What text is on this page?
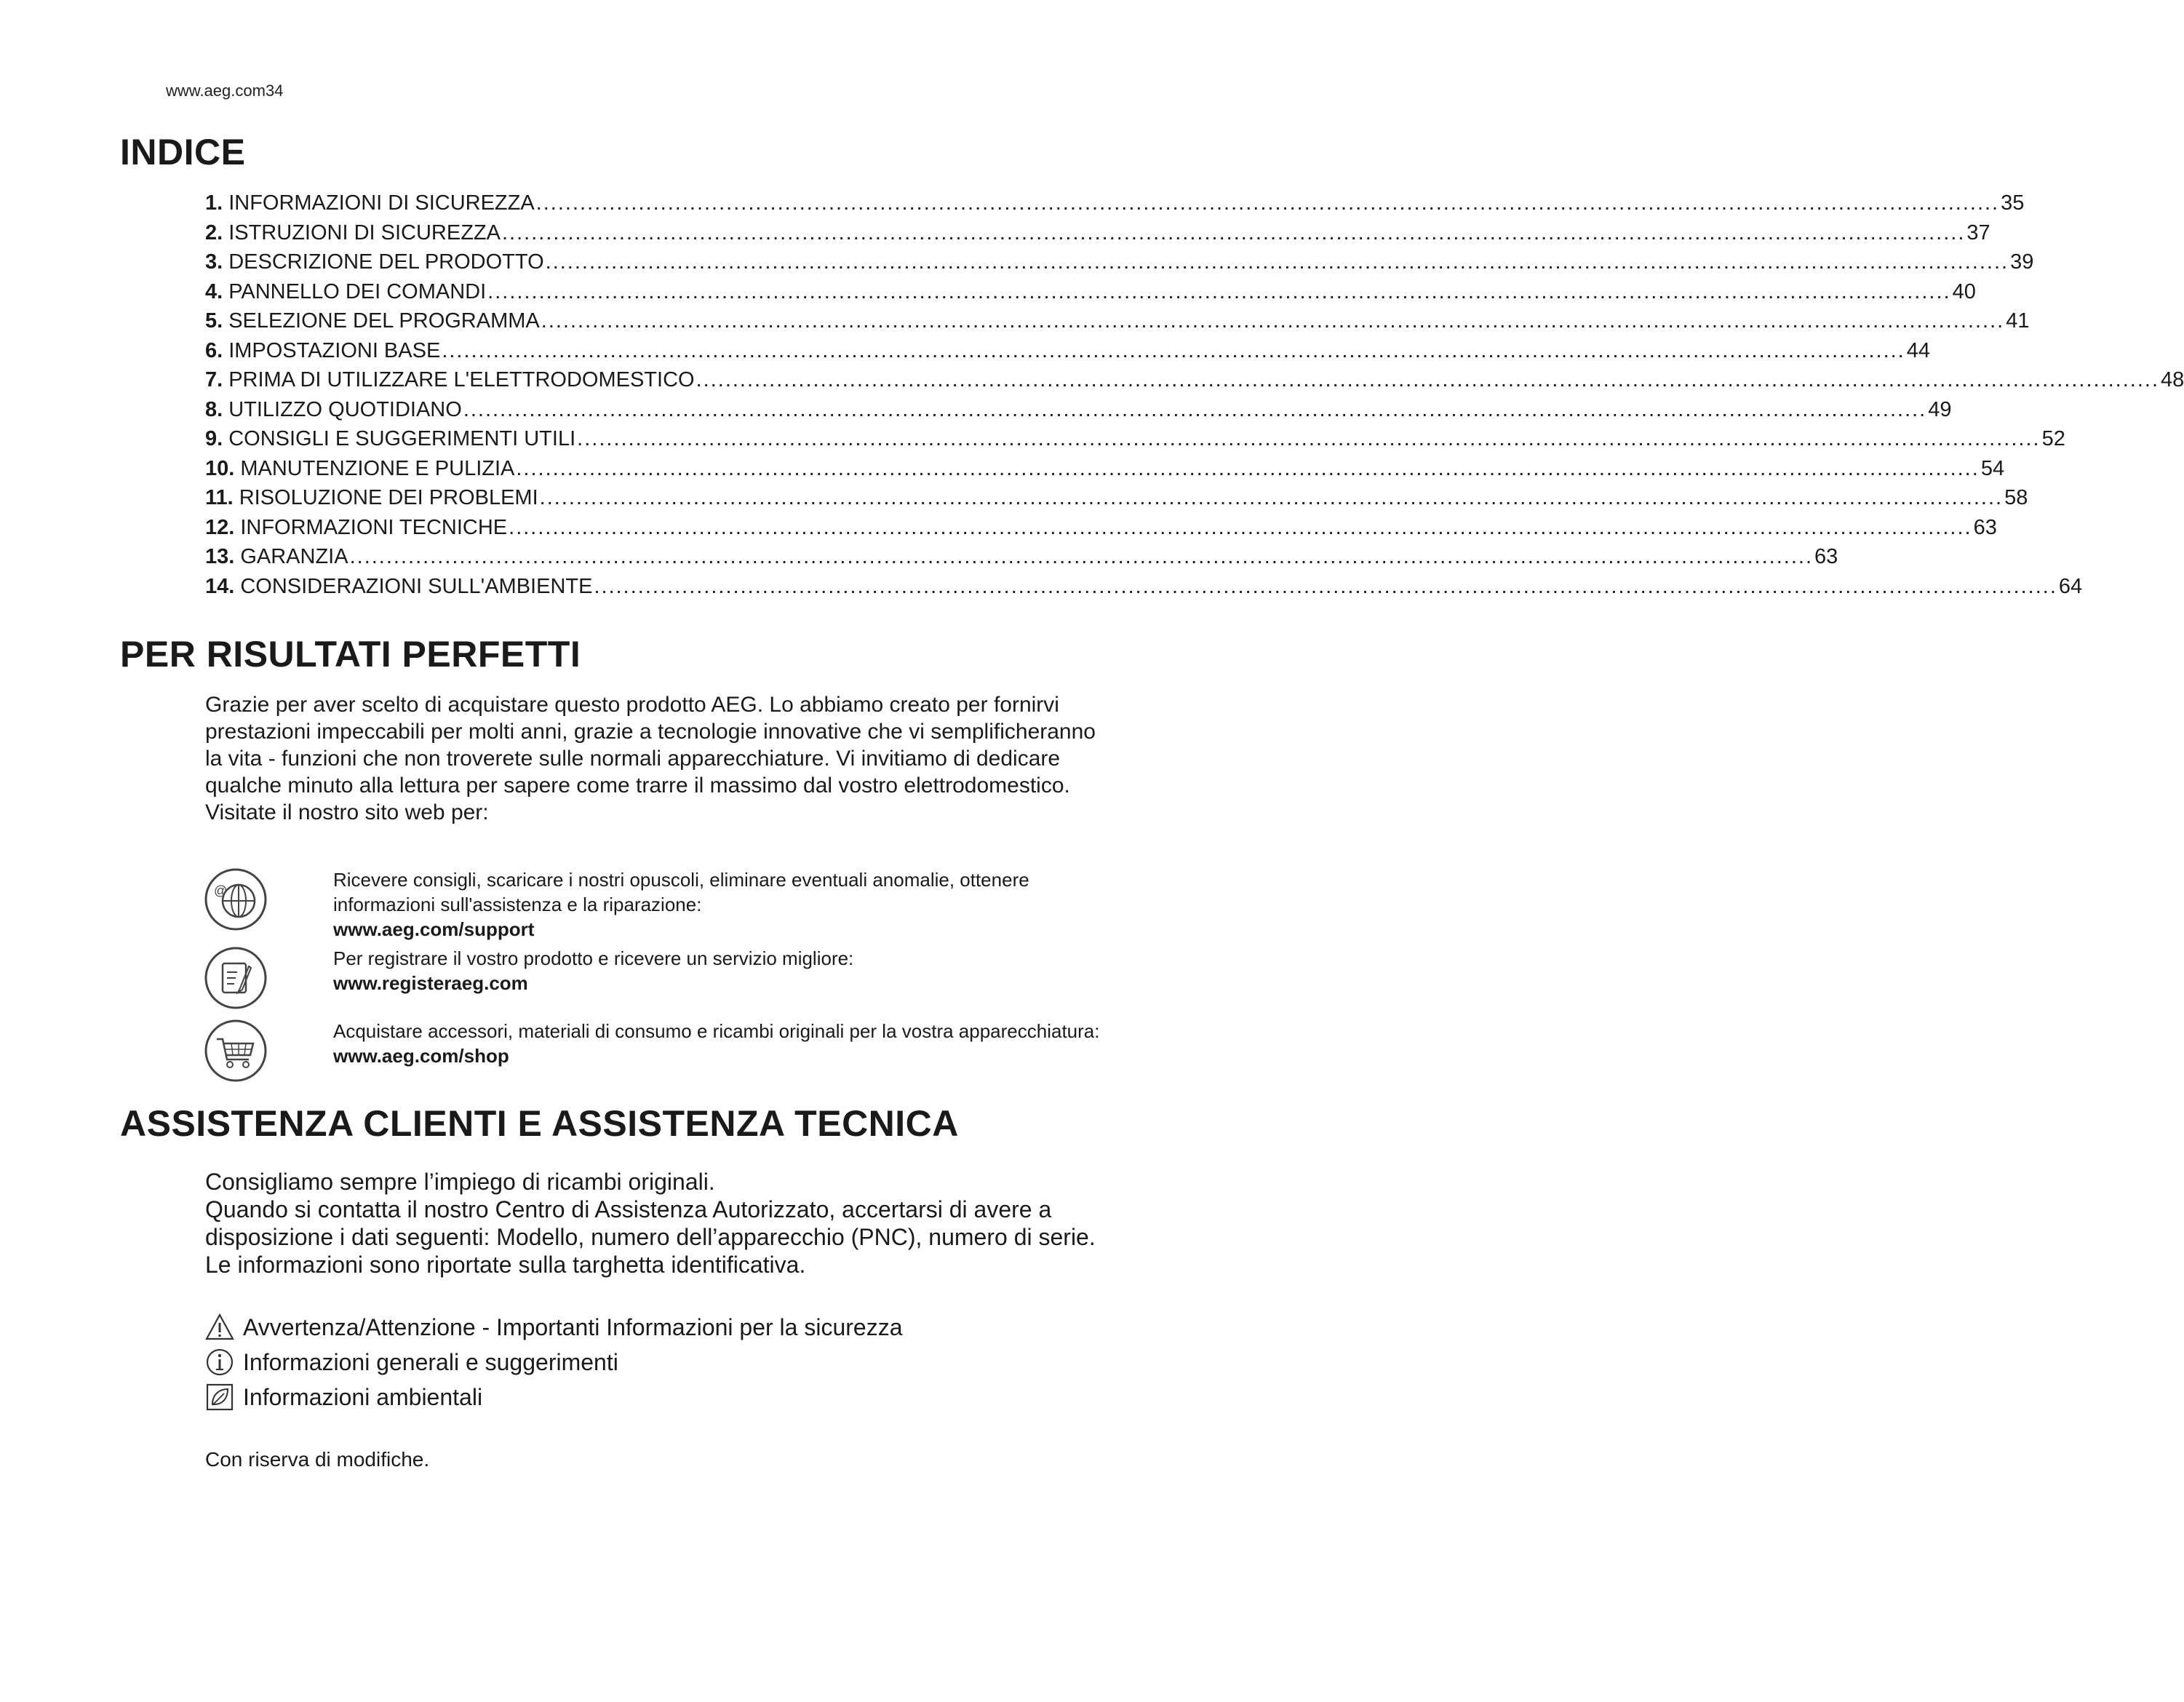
www.aeg.com34
INDICE
1. INFORMAZIONI DI SICUREZZA ........................................................................................................................................................................................................ 35
2. ISTRUZIONI DI SICUREZZA ........................................................................................................................................................................................................ 37
3. DESCRIZIONE DEL PRODOTTO ........................................................................................................................................................................................................ 39
4. PANNELLO DEI COMANDI ........................................................................................................................................................................................................ 40
5. SELEZIONE DEL PROGRAMMA ........................................................................................................................................................................................................ 41
6. IMPOSTAZIONI BASE ........................................................................................................................................................................................................ 44
7. PRIMA DI UTILIZZARE L'ELETTRODOMESTICO ........................................................................................................................................................................................................ 48
8. UTILIZZO QUOTIDIANO ........................................................................................................................................................................................................ 49
9. CONSIGLI E SUGGERIMENTI UTILI ........................................................................................................................................................................................................ 52
10. MANUTENZIONE E PULIZIA ........................................................................................................................................................................................................ 54
11. RISOLUZIONE DEI PROBLEMI ........................................................................................................................................................................................................ 58
12. INFORMAZIONI TECNICHE ........................................................................................................................................................................................................ 63
13. GARANZIA ........................................................................................................................................................................................................ 63
14. CONSIDERAZIONI SULL'AMBIENTE ........................................................................................................................................................................................................ 64
PER RISULTATI PERFETTI

Grazie per aver scelto di acquistare questo prodotto AEG. Lo abbiamo creato per fornirvi prestazioni impeccabili per molti anni, grazie a tecnologie innovative che vi semplificheranno la vita - funzioni che non troverete sulle normali apparecchiature. Vi invitiamo di dedicare qualche minuto alla lettura per sapere come trarre il massimo dal vostro elettrodomestico.

Visitate il nostro sito web per:

@	Ricevere consigli, scaricare i nostri opuscoli, eliminare eventuali anomalie, ottenere informazioni sull'assistenza e la riparazione:
www.aeg.com/support
Per registrare il vostro prodotto e ricevere un servizio migliore:
www.registeraeg.com
Acquistare accessori, materiali di consumo e ricambi originali per la vostra apparecchiatura:
www.aeg.com/shop
ASSISTENZA CLIENTI E ASSISTENZA TECNICA

Consigliamo sempre l’impiego di ricambi originali.

Quando si contatta il nostro Centro di Assistenza Autorizzato, accertarsi di avere a disposizione i dati seguenti: Modello, numero dell’apparecchio (PNC), numero di serie.

Le informazioni sono riportate sulla targhetta identificativa.

Avvertenza/Attenzione - Importanti Informazioni per la sicurezza
Informazioni generali e suggerimenti
Informazioni ambientali
Con riserva di modifiche.
